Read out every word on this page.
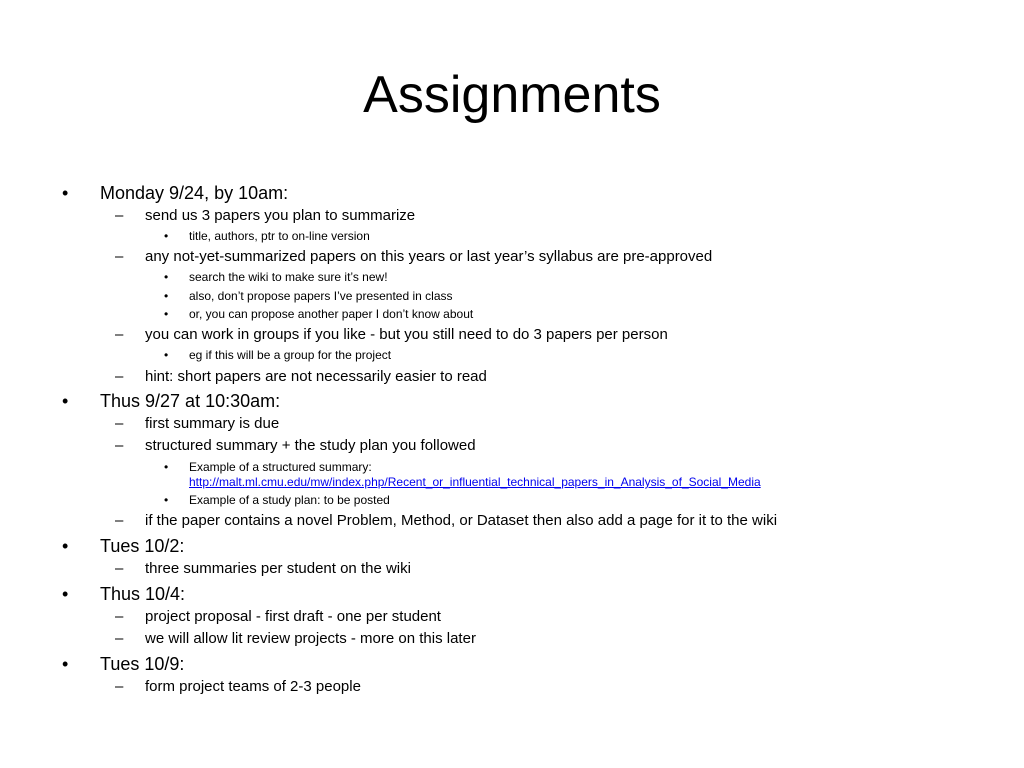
Assignments
• Monday 9/24, by 10am:
– send us 3 papers you plan to summarize
• title, authors, ptr to on-line version
– any not-yet-summarized papers on this years or last year’s syllabus are pre-approved
• search the wiki to make sure it’s new!
• also, don’t propose papers I’ve presented in class
• or, you can propose another paper I don’t know about
– you can work in groups if you like - but you still need to do 3 papers per person
• eg if this will be a group for the project
– hint: short papers are not necessarily easier to read
• Thus 9/27 at 10:30am:
– first summary is due
– structured summary + the study plan you followed
• Example of a structured summary:
http://malt.ml.cmu.edu/mw/index.php/Recent_or_influential_technical_papers_in_Analysis_of_Social_Media
• Example of a study plan: to be posted
– if the paper contains a novel Problem, Method, or Dataset then also add a page for it to the wiki
• Tues 10/2:
– three summaries per student on the wiki
• Thus 10/4:
– project proposal - first draft - one per student
– we will allow lit review projects - more on this later
• Tues 10/9:
– form project teams of 2-3 people
